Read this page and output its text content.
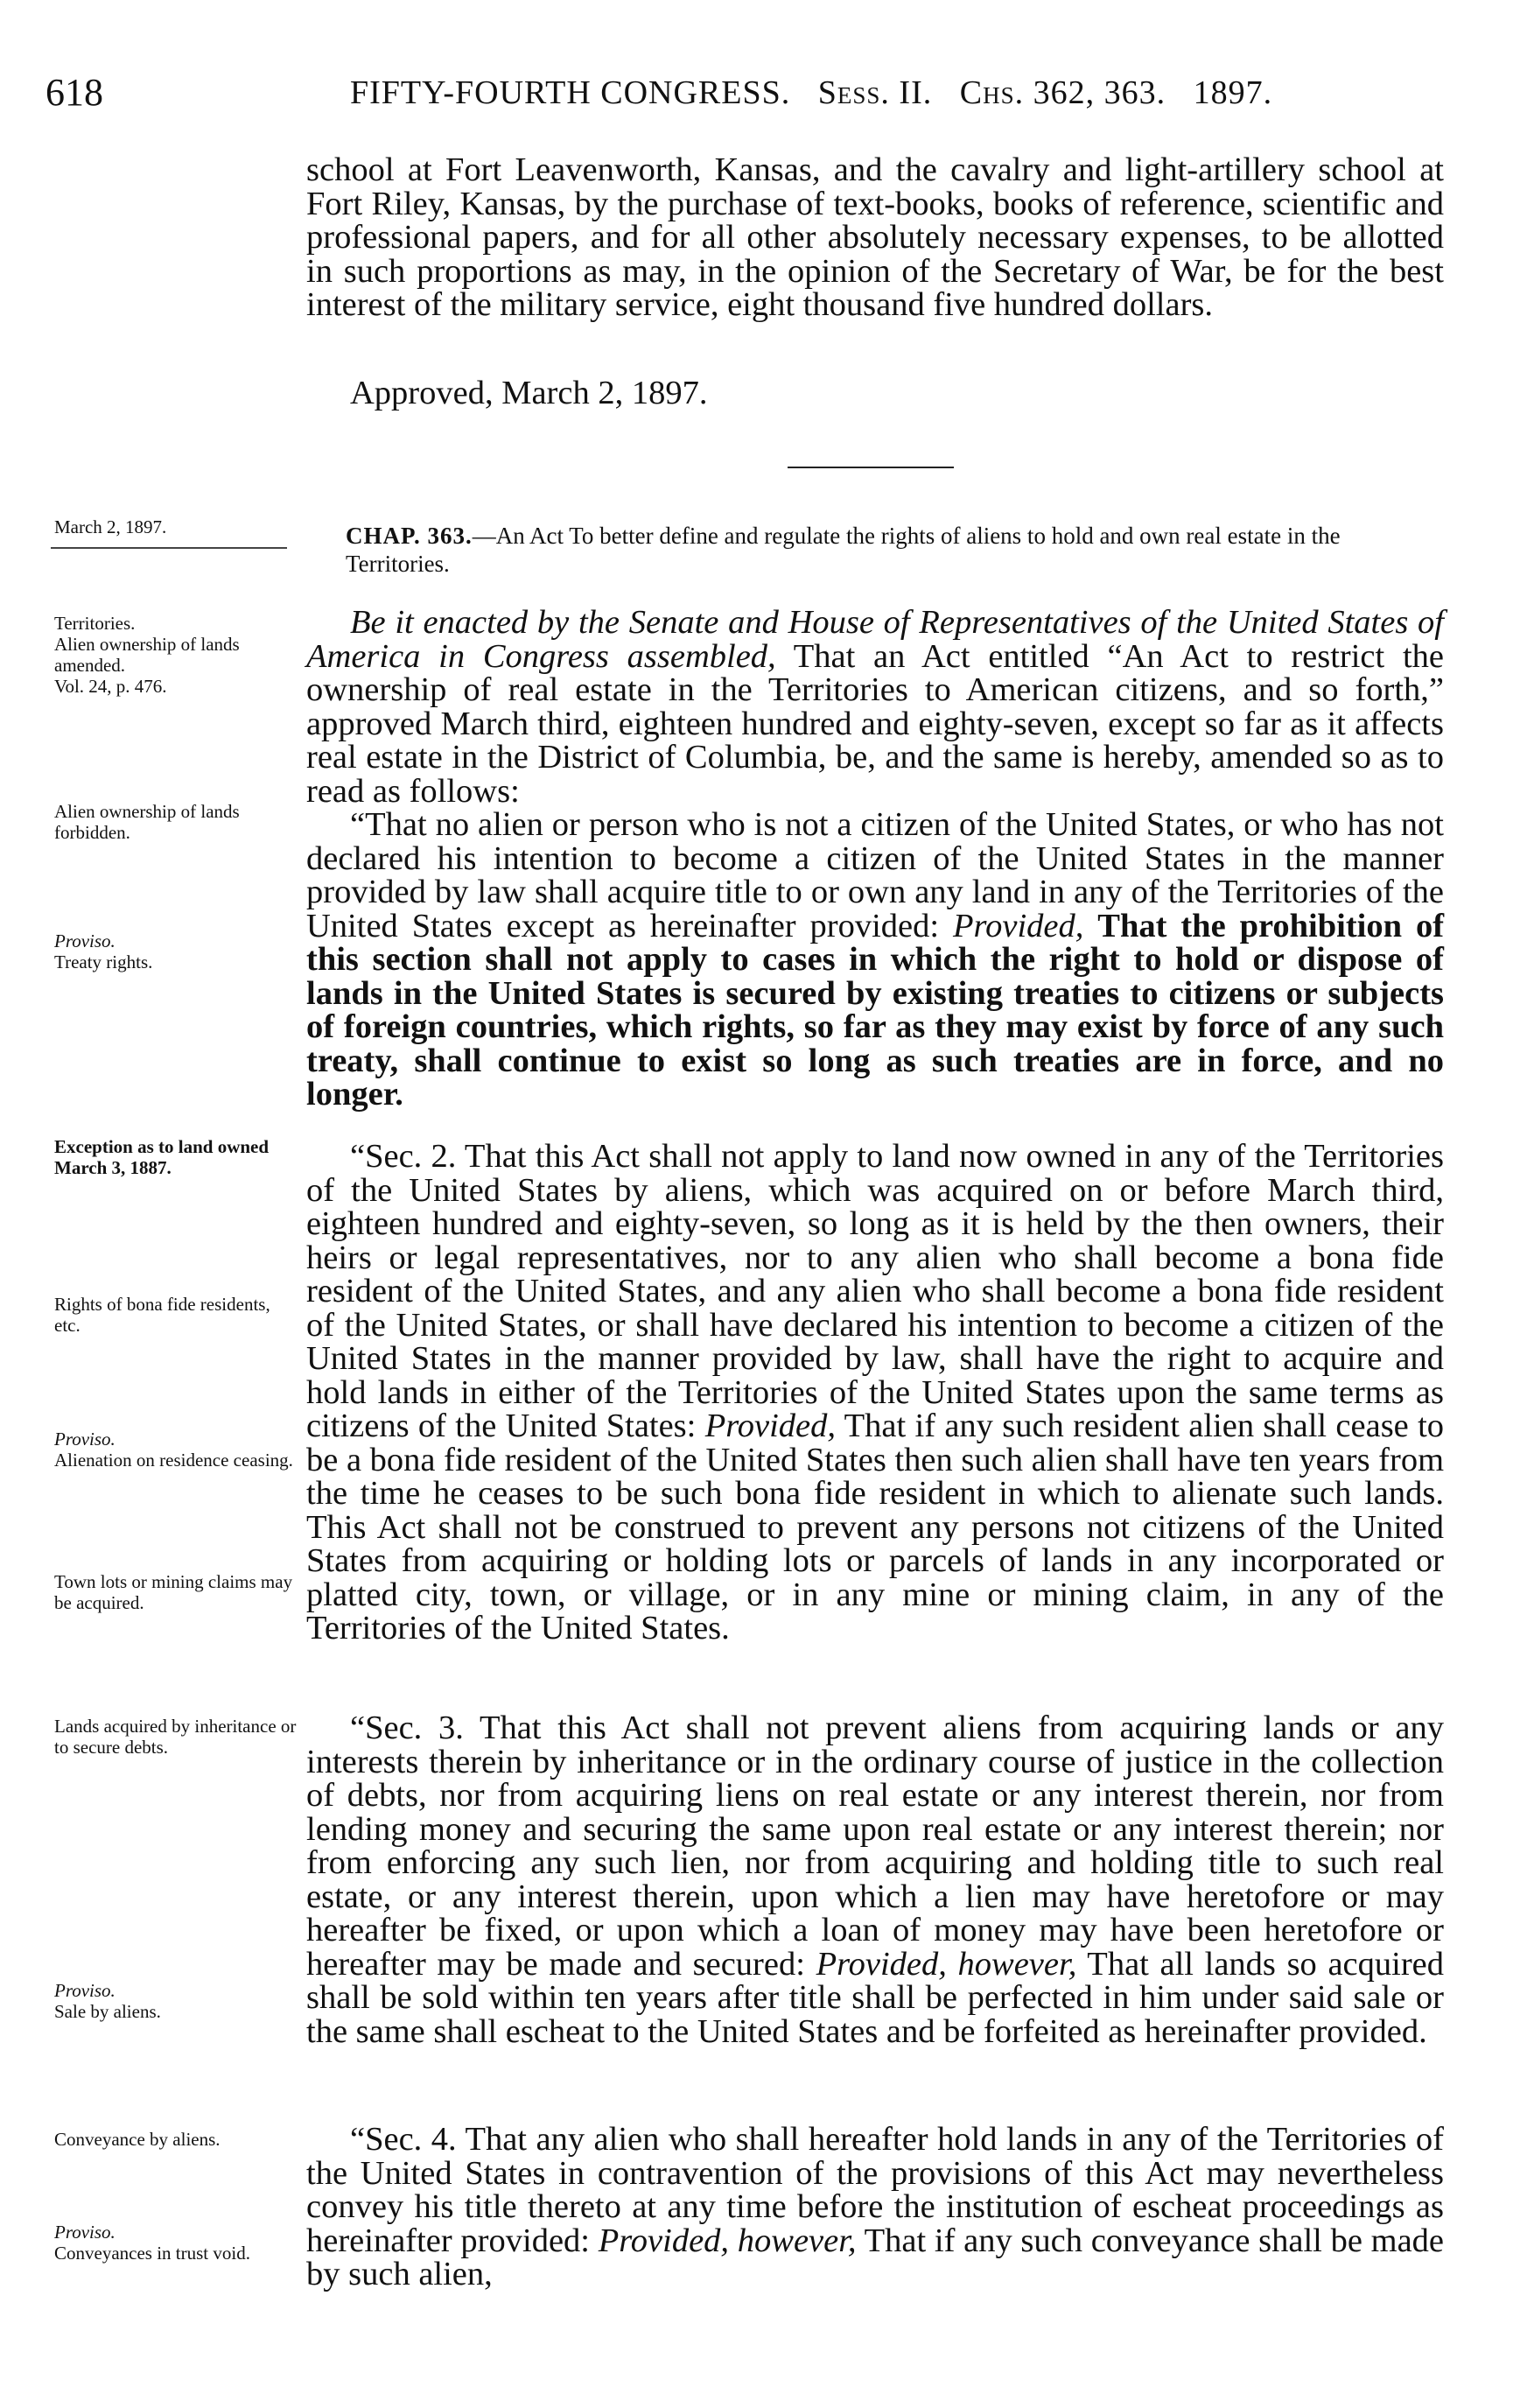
618	FIFTY-FOURTH CONGRESS. Sess. II. Chs. 362, 363. 1897.
school at Fort Leavenworth, Kansas, and the cavalry and light-artillery school at Fort Riley, Kansas, by the purchase of text-books, books of reference, scientific and professional papers, and for all other absolutely necessary expenses, to be allotted in such proportions as may, in the opinion of the Secretary of War, be for the best interest of the military service, eight thousand five hundred dollars.
Approved, March 2, 1897.
March 2, 1897.	CHAP. 363.—An Act To better define and regulate the rights of aliens to hold and own real estate in the Territories.

Be it enacted by the Senate and House of Representatives of the United States of America in Congress assembled, That an Act entitled “An Act to restrict the ownership of real estate in the Territories to American citizens, and so forth,” approved March third, eighteen hundred and eighty-seven, except so far as it affects real estate in the District of Columbia, be, and the same is hereby, amended so as to read as follows:

“That no alien or person who is not a citizen of the United States, or who has not declared his intention to become a citizen of the United States in the manner provided by law shall acquire title to or own any land in any of the Territories of the United States except as hereinafter provided: Provided, That the prohibition of this section shall not apply to cases in which the right to hold or dispose of lands in the United States is secured by existing treaties to citizens or subjects of foreign countries, which rights, so far as they may exist by force of any such treaty, shall continue to exist so long as such treaties are in force, and no longer.

“Sec. 2. That this Act shall not apply to land now owned in any of the Territories of the United States by aliens, which was acquired on or before March third, eighteen hundred and eighty-seven, so long as it is held by the then owners, their heirs or legal representatives, nor to any alien who shall become a bona fide resident of the United States, and any alien who shall become a bona fide resident of the United States, or shall have declared his intention to become a citizen of the United States in the manner provided by law, shall have the right to acquire and hold lands in either of the Territories of the United States upon the same terms as citizens of the United States: Provided, That if any such resident alien shall cease to be a bona fide resident of the United States then such alien shall have ten years from the time he ceases to be such bona fide resident in which to alienate such lands. This Act shall not be construed to prevent any persons not citizens of the United States from acquiring or holding lots or parcels of lands in any incorporated or platted city, town, or village, or in any mine or mining claim, in any of the Territories of the United States.

“Sec. 3. That this Act shall not prevent aliens from acquiring lands or any interests therein by inheritance or in the ordinary course of justice in the collection of debts, nor from acquiring liens on real estate or any interest therein, nor from lending money and securing the same upon real estate or any interest therein; nor from enforcing any such lien, nor from acquiring and holding title to such real estate, or any interest therein, upon which a lien may have heretofore or may hereafter be fixed, or upon which a loan of money may have been heretofore or hereafter may be made and secured: Provided, however, That all lands so acquired shall be sold within ten years after title shall be perfected in him under said sale or the same shall escheat to the United States and be forfeited as hereinafter provided.

“Sec. 4. That any alien who shall hereafter hold lands in any of the Territories of the United States in contravention of the provisions of this Act may nevertheless convey his title thereto at any time before the institution of escheat proceedings as hereinafter provided: Provided, however, That if any such conveyance shall be made by such alien,

Territories.
Alien ownership of lands amended.
Vol. 24, p. 476.
Alien ownership of lands forbidden.
Proviso.
Treaty rights.
Exception as to land owned March 3, 1887.
Rights of bona fide residents, etc.
Proviso.
Alienation on residence ceasing.
Town lots or mining claims may be acquired.
Lands acquired by inheritance or to secure debts.
Proviso.
Sale by aliens.
Conveyance by aliens.
Proviso.
Conveyances in trust void.
